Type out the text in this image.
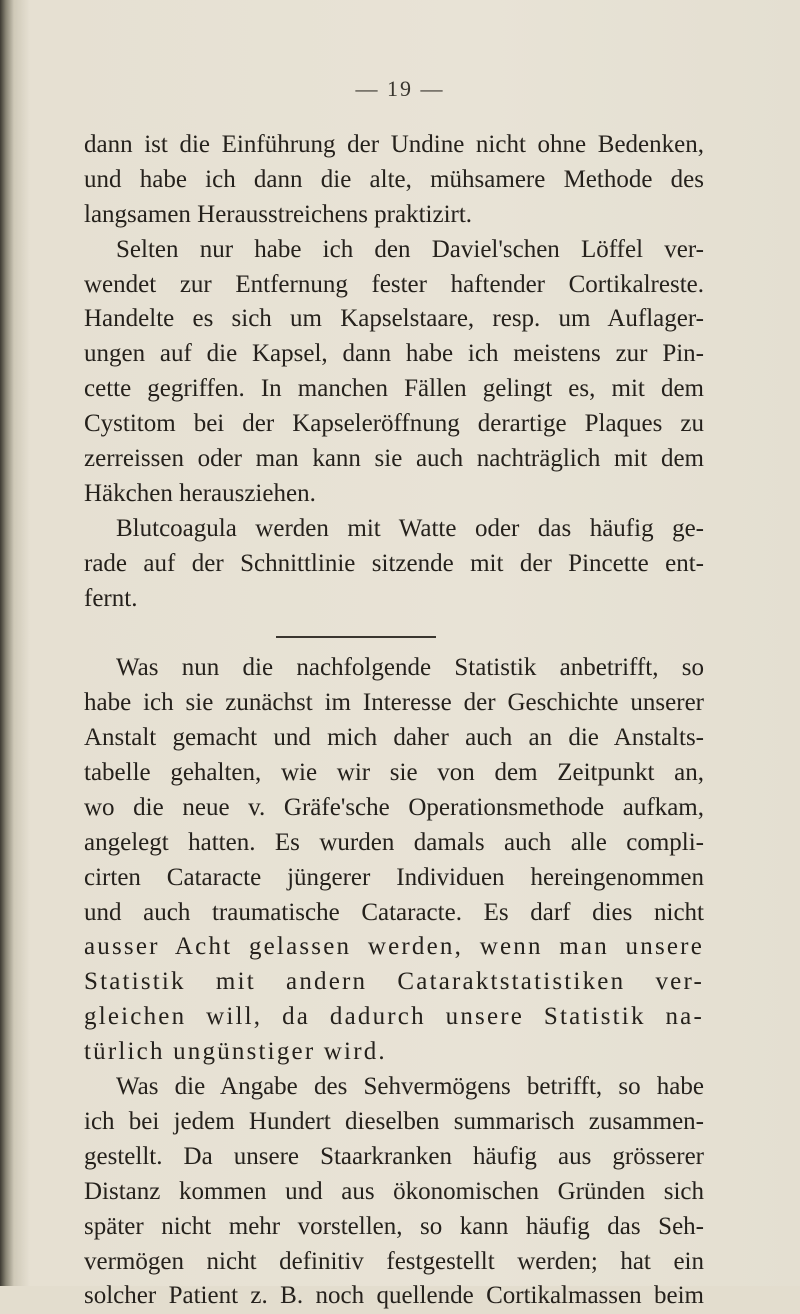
— 19 —
dann ist die Einführung der Undine nicht ohne Bedenken,
und habe ich dann die alte, mühsamere Methode des
langsamen Herausstreichens praktizirt.
Selten nur habe ich den Daviel'schen Löffel ver-
wendet zur Entfernung fester haftender Cortikalreste.
Handelte es sich um Kapselstaare, resp. um Auflager-
ungen auf die Kapsel, dann habe ich meistens zur Pin-
cette gegriffen. In manchen Fällen gelingt es, mit dem
Cystitom bei der Kapseleröffnung derartige Plaques zu
zerreissen oder man kann sie auch nachträglich mit dem
Häkchen herausziehen.
Blutcoagula werden mit Watte oder das häufig ge-
rade auf der Schnittlinie sitzende mit der Pincette ent-
fernt.
Was nun die nachfolgende Statistik anbetrifft, so
habe ich sie zunächst im Interesse der Geschichte unserer
Anstalt gemacht und mich daher auch an die Anstalts-
tabelle gehalten, wie wir sie von dem Zeitpunkt an,
wo die neue v. Gräfe'sche Operationsmethode aufkam,
angelegt hatten. Es wurden damals auch alle compli-
cirten Cataracte jüngerer Individuen hereingenommen
und auch traumatische Cataracte. Es darf dies nicht
ausser Acht gelassen werden, wenn man unsere
Statistik mit andern Cataraktstatistiken ver-
gleichen will, da dadurch unsere Statistik na-
türlich ungünstiger wird.
Was die Angabe des Sehvermögens betrifft, so habe
ich bei jedem Hundert dieselben summarisch zusammen-
gestellt. Da unsere Staarkranken häufig aus grösserer
Distanz kommen und aus ökonomischen Gründen sich
später nicht mehr vorstellen, so kann häufig das Seh-
vermögen nicht definitiv festgestellt werden; hat ein
solcher Patient z. B. noch quellende Cortikalmassen beim
